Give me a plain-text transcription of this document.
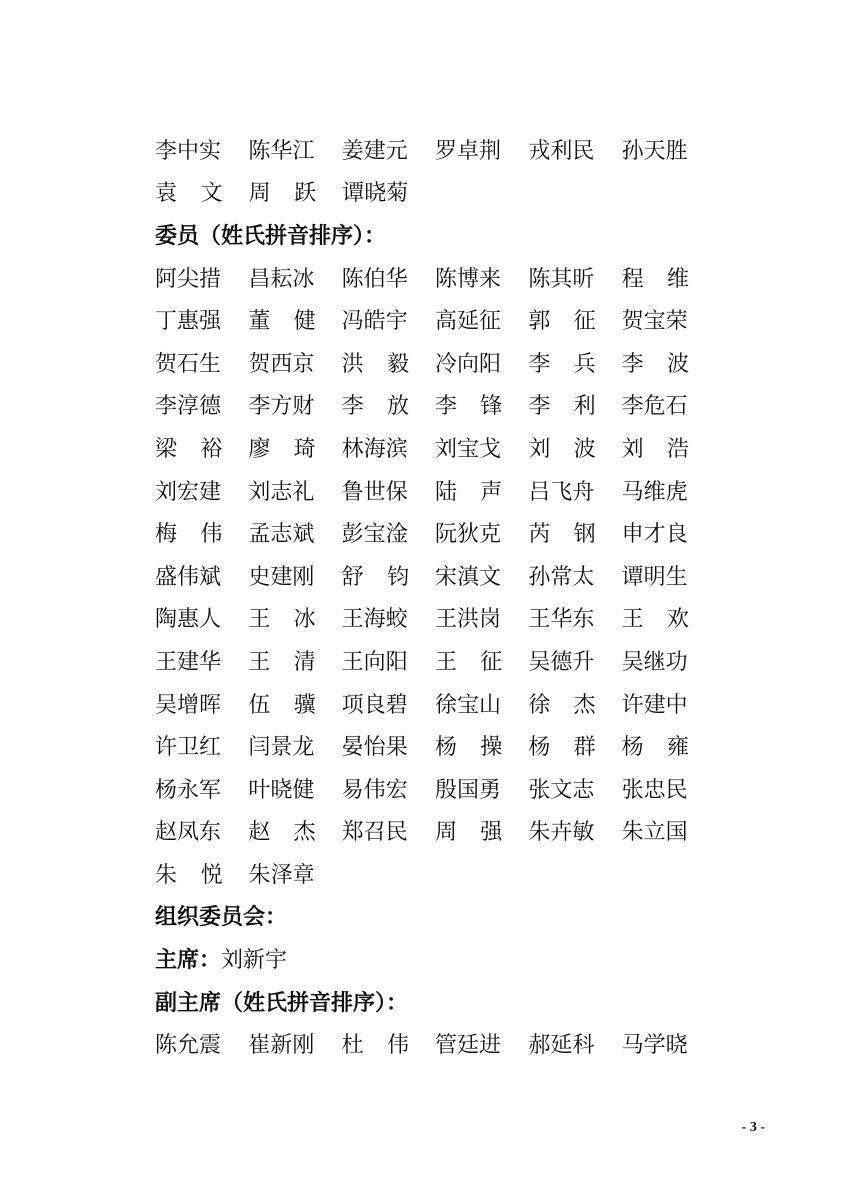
李 中 实 陈 华 江 姜 建 元 罗 卓 荆 戎 利 民 孙 天 胜
袁 文 周 跃 谭 晓 菊
委员（姓氏拼音排序）：
阿 尖 措 昌 耘 冰 陈 伯 华 陈 博 来 陈 其 昕 程 维
丁 惠 强 董 健 冯 皓 宇 高 延 征 郭 征 贺 宝 荣
贺 石 生 贺 西 京 洪 毅 冷 向 阳 李 兵 李 波
李 淳 德 李 方 财 李 放 李 锋 李 利 李 危 石
梁 裕 廖 琦 林 海 滨 刘 宝 戈 刘 波 刘 浩
刘 宏 建 刘 志 礼 鲁 世 保 陆 声 吕 飞 舟 马 维 虎
梅 伟 孟 志 斌 彭 宝 淦 阮 狄 克 芮 钢 申 才 良
盛 伟 斌 史 建 刚 舒 钧 宋 滇 文 孙 常 太 谭 明 生
陶 惠 人 王 冰 王 海 蛟 王 洪 岗 王 华 东 王 欢
王 建 华 王 清 王 向 阳 王 征 吴 德 升 吴 继 功
吴 增 晖 伍 骥 项 良 碧 徐 宝 山 徐 杰 许 建 中
许 卫 红 闫 景 龙 晏 怡 果 杨 操 杨 群 杨 雍
杨 永 军 叶 晓 健 易 伟 宏 殷 国 勇 张 文 志 张 忠 民
赵 凤 东 赵 杰 郑 召 民 周 强 朱 卉 敏 朱 立 国
朱 悦 朱 泽 章
组织委员会：
主席： 刘新宇
副主席（姓氏拼音排序）：
陈 允 震 崔 新 刚 杜 伟 管 廷 进 郝 延 科 马 学 晓
- 3 -
